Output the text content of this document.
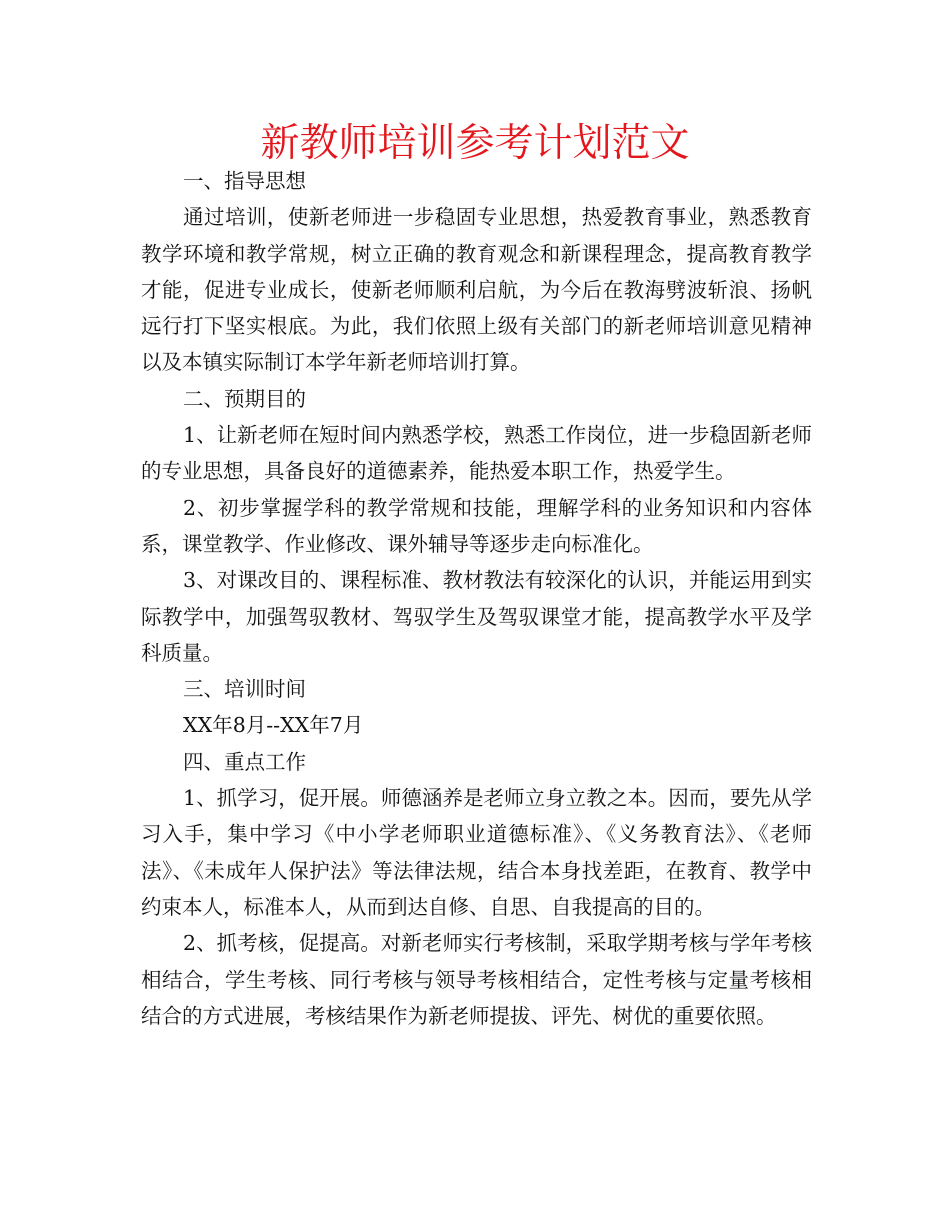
新教师培训参考计划范文

一、指导思想

通过培训，使新老师进一步稳固专业思想，热爱教育事业，熟悉教育教学环境和教学常规，树立正确的教育观念和新课程理念，提高教育教学才能，促进专业成长，使新老师顺利启航，为今后在教海劈波斩浪、扬帆远行打下坚实根底。为此，我们依照上级有关部门的新老师培训意见精神以及本镇实际制订本学年新老师培训打算。

二、预期目的

1、让新老师在短时间内熟悉学校，熟悉工作岗位，进一步稳固新老师的专业思想，具备良好的道德素养，能热爱本职工作，热爱学生。

2、初步掌握学科的教学常规和技能，理解学科的业务知识和内容体系，课堂教学、作业修改、课外辅导等逐步走向标准化。

3、对课改目的、课程标准、教材教法有较深化的认识，并能运用到实际教学中，加强驾驭教材、驾驭学生及驾驭课堂才能，提高教学水平及学科质量。

三、培训时间

XX年8月--XX年7月

四、重点工作

1、抓学习，促开展。师德涵养是老师立身立教之本。因而，要先从学习入手，集中学习《中小学老师职业道德标准》、《义务教育法》、《老师法》、《未成年人保护法》等法律法规，结合本身找差距，在教育、教学中约束本人，标准本人，从而到达自修、自思、自我提高的目的。

2、抓考核，促提高。对新老师实行考核制，采取学期考核与学年考核相结合，学生考核、同行考核与领导考核相结合，定性考核与定量考核相结合的方式进展，考核结果作为新老师提拔、评先、树优的重要依照。
